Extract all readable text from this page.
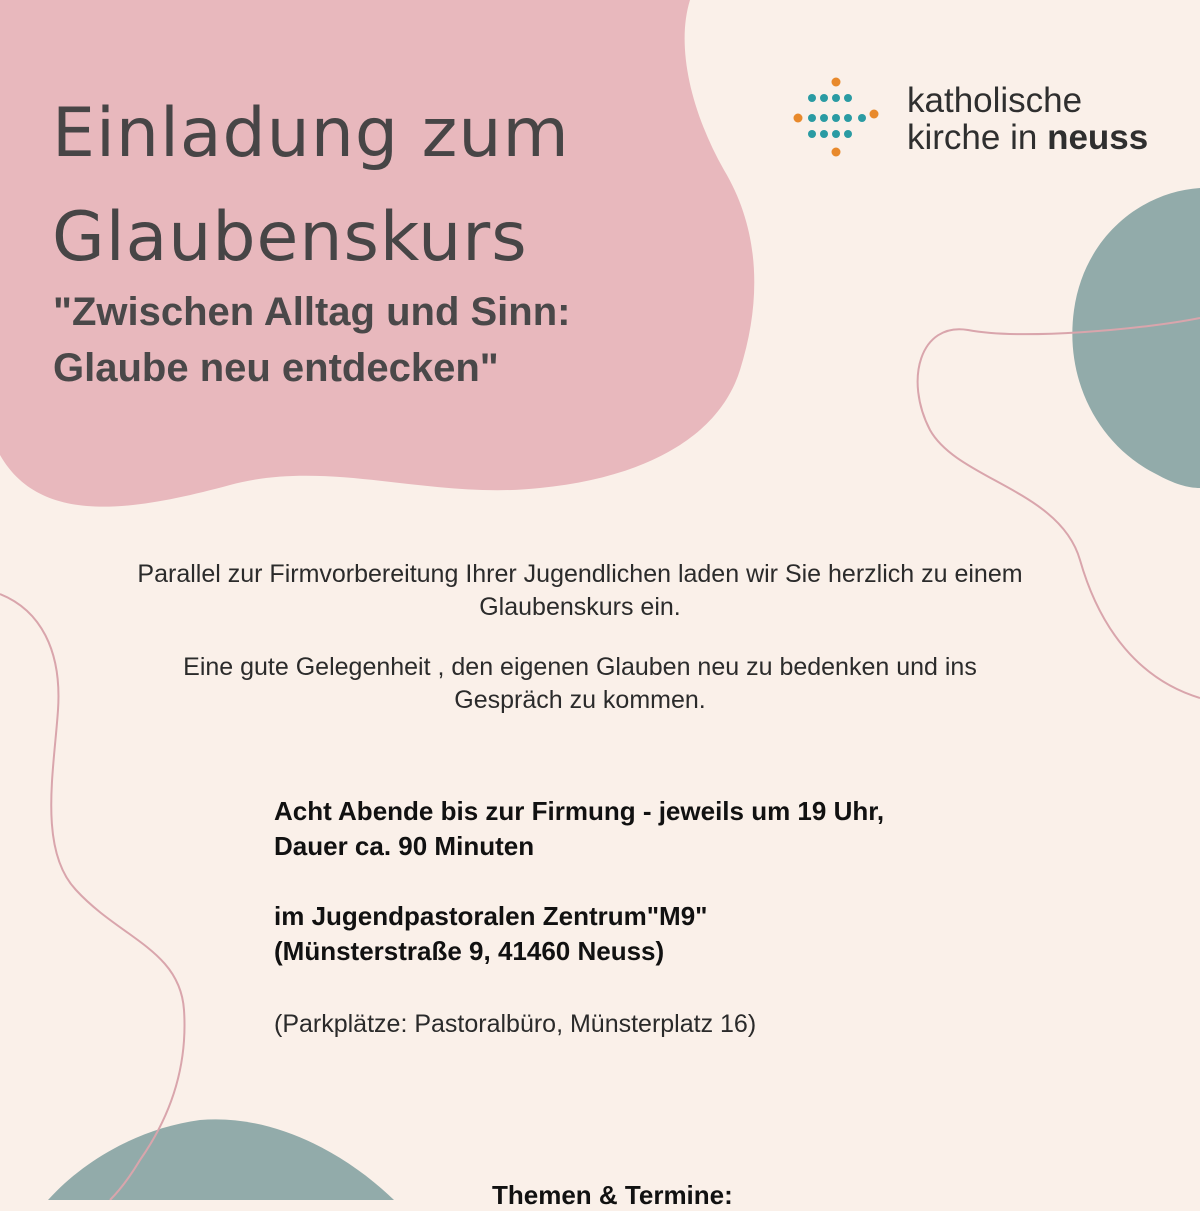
Einladung zum
Glaubenskurs
"Zwischen Alltag und Sinn:
Glaube neu entdecken"
katholische
kirche in neuss

Parallel zur Firmvorbereitung Ihrer Jugendlichen laden wir Sie herzlich zu einem
Glaubenskurs ein.

Eine gute Gelegenheit , den eigenen Glauben neu zu bedenken und ins
Gespräch zu kommen.

Acht Abende bis zur Firmung - jeweils um 19 Uhr,
Dauer ca. 90 Minuten
im Jugendpastoralen Zentrum"M9"
(Münsterstraße 9, 41460 Neuss)
(Parkplätze: Pastoralbüro, Münsterplatz 16)
Themen & Termine:
